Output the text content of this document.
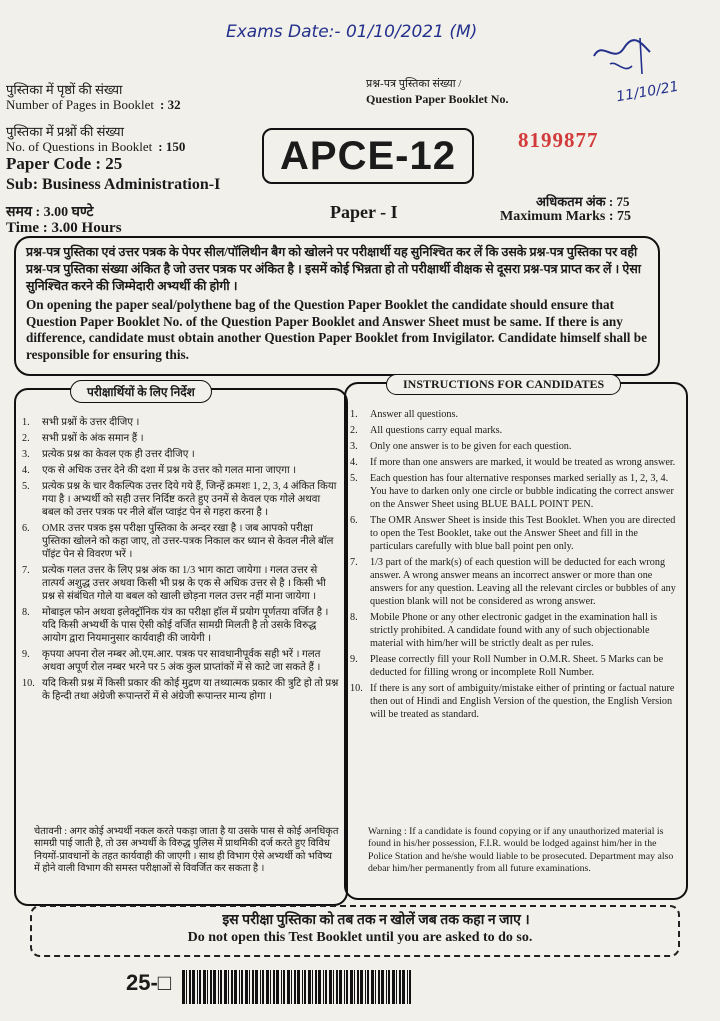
Exams Date:- 01/10/2021 (M)
11/10/21
पुस्तिका में पृष्ठों की संख्या
Number of Pages in Booklet : 32
पुस्तिका में प्रश्नों की संख्या
No. of Questions in Booklet : 150
Paper Code : 25
Sub: Business Administration-I
समय : 3.00 घण्टे
Time : 3.00 Hours
प्रश्न-पत्र पुस्तिका संख्या /
Question Paper Booklet No.
8199877
APCE-12
Paper - I
अधिकतम अंक : 75
Maximum Marks : 75

प्रश्न-पत्र पुस्तिका एवं उत्तर पत्रक के पेपर सील/पॉलिथीन बैग को खोलने पर परीक्षार्थी यह सुनिश्चित कर लें कि उसके प्रश्न-पत्र पुस्तिका पर वही प्रश्न-पत्र पुस्तिका संख्या अंकित है जो उत्तर पत्रक पर अंकित है । इसमें कोई भिन्नता हो तो परीक्षार्थी वीक्षक से दूसरा प्रश्न-पत्र प्राप्त कर लें । ऐसा सुनिश्चित करने की जिम्मेदारी अभ्यर्थी की होगी ।

On opening the paper seal/polythene bag of the Question Paper Booklet the candidate should ensure that Question Paper Booklet No. of the Question Paper Booklet and Answer Sheet must be same. If there is any difference, candidate must obtain another Question Paper Booklet from Invigilator. Candidate himself shall be responsible for ensuring this.

परीक्षार्थियों के लिए निर्देश
1.	सभी प्रश्नों के उत्तर दीजिए ।
2.	सभी प्रश्नों के अंक समान हैं ।
3.	प्रत्येक प्रश्न का केवल एक ही उत्तर दीजिए ।
4.	एक से अधिक उत्तर देने की दशा में प्रश्न के उत्तर को गलत माना जाएगा ।
5.	प्रत्येक प्रश्न के चार वैकल्पिक उत्तर दिये गये हैं, जिन्हें क्रमशः 1, 2, 3, 4 अंकित किया गया है । अभ्यर्थी को सही उत्तर निर्दिष्ट करते हुए उनमें से केवल एक गोले अथवा बबल को उत्तर पत्रक पर नीले बॉल प्वाइंट पेन से गहरा करना है ।
6.	OMR उत्तर पत्रक इस परीक्षा पुस्तिका के अन्दर रखा है । जब आपको परीक्षा पुस्तिका खोलने को कहा जाए, तो उत्तर-पत्रक निकाल कर ध्यान से केवल नीले बॉल पॉइंट पेन से विवरण भरें ।
7.	प्रत्येक गलत उत्तर के लिए प्रश्न अंक का 1/3 भाग काटा जायेगा । गलत उत्तर से तात्पर्य अशुद्ध उत्तर अथवा किसी भी प्रश्न के एक से अधिक उत्तर से है । किसी भी प्रश्न से संबंधित गोले या बबल को खाली छोड़ना गलत उत्तर नहीं माना जायेगा ।
8.	मोबाइल फोन अथवा इलेक्ट्रॉनिक यंत्र का परीक्षा हॉल में प्रयोग पूर्णतया वर्जित है । यदि किसी अभ्यर्थी के पास ऐसी कोई वर्जित सामग्री मिलती है तो उसके विरुद्ध आयोग द्वारा नियमानुसार कार्यवाही की जायेगी ।
9.	कृपया अपना रोल नम्बर ओ.एम.आर. पत्रक पर सावधानीपूर्वक सही भरें । गलत अथवा अपूर्ण रोल नम्बर भरने पर 5 अंक कुल प्राप्तांकों में से काटे जा सकते हैं ।
10. यदि किसी प्रश्न में किसी प्रकार की कोई मुद्रण या तथ्यात्मक प्रकार की त्रुटि हो तो प्रश्न के हिन्दी तथा अंग्रेजी रूपान्तरों में से अंग्रेजी रूपान्तर मान्य होगा ।
चेतावनी : अगर कोई अभ्यर्थी नकल करते पकड़ा जाता है या उसके पास से कोई अनधिकृत सामग्री पाई जाती है, तो उस अभ्यर्थी के विरुद्ध पुलिस में प्राथमिकी दर्ज करते हुए विविध नियमों-प्रावधानों के तहत कार्यवाही की जाएगी । साथ ही विभाग ऐसे अभ्यर्थी को भविष्य में होने वाली विभाग की समस्त परीक्षाओं से विवर्जित कर सकता है ।
INSTRUCTIONS FOR CANDIDATES
1.	Answer all questions.
2.	All questions carry equal marks.
3.	Only one answer is to be given for each question.
4.	If more than one answers are marked, it would be treated as wrong answer.
5.	Each question has four alternative responses marked serially as 1, 2, 3, 4. You have to darken only one circle or bubble indicating the correct answer on the Answer Sheet using BLUE BALL POINT PEN.
6.	The OMR Answer Sheet is inside this Test Booklet. When you are directed to open the Test Booklet, take out the Answer Sheet and fill in the particulars carefully with blue ball point pen only.
7.	1/3 part of the mark(s) of each question will be deducted for each wrong answer. A wrong answer means an incorrect answer or more than one answers for any question. Leaving all the relevant circles or bubbles of any question blank will not be considered as wrong answer.
8.	Mobile Phone or any other electronic gadget in the examination hall is strictly prohibited. A candidate found with any of such objectionable material with him/her will be strictly dealt as per rules.
9.	Please correctly fill your Roll Number in O.M.R. Sheet. 5 Marks can be deducted for filling wrong or incomplete Roll Number.
10. If there is any sort of ambiguity/mistake either of printing or factual nature then out of Hindi and English Version of the question, the English Version will be treated as standard.
Warning : If a candidate is found copying or if any unauthorized material is found in his/her possession, F.I.R. would be lodged against him/her in the Police Station and he/she would liable to be prosecuted. Department may also debar him/her permanently from all future examinations.
इस परीक्षा पुस्तिका को तब तक न खोलें जब तक कहा न जाए ।
Do not open this Test Booklet until you are asked to do so.
25-□
